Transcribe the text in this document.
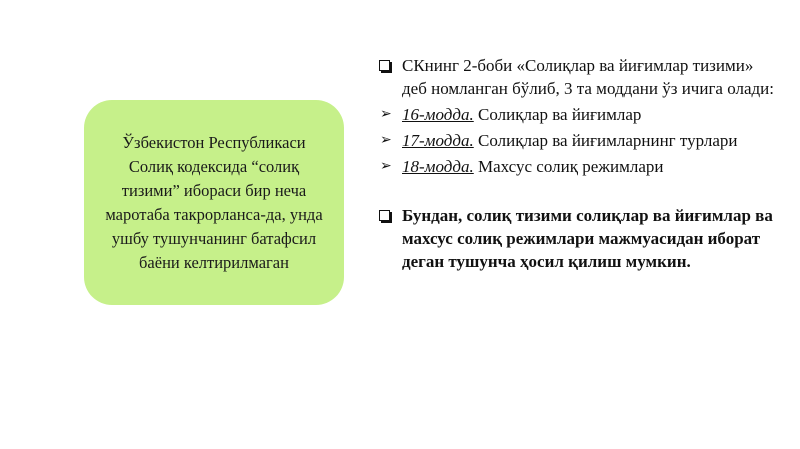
Ўзбекистон Республикаси Солиқ кодексида “солиқ тизими” ибораси бир неча маротаба такрорланса-да, унда ушбу тушунчанинг батафсил баёни келтирилмаган
СКнинг 2-боби «Солиқлар ва йиғимлар тизими» деб номланган бўлиб, 3 та моддани ўз ичига олади:
➢ 16-модда. Солиқлар ва йиғимлар
➢ 17-модда. Солиқлар ва йиғимларнинг турлари
➢ 18-модда. Махсус солиқ режимлари
Бундан, солиқ тизими солиқлар ва йиғимлар ва махсус солиқ режимлари мажмуасидан иборат деган тушунча ҳосил қилиш мумкин.
